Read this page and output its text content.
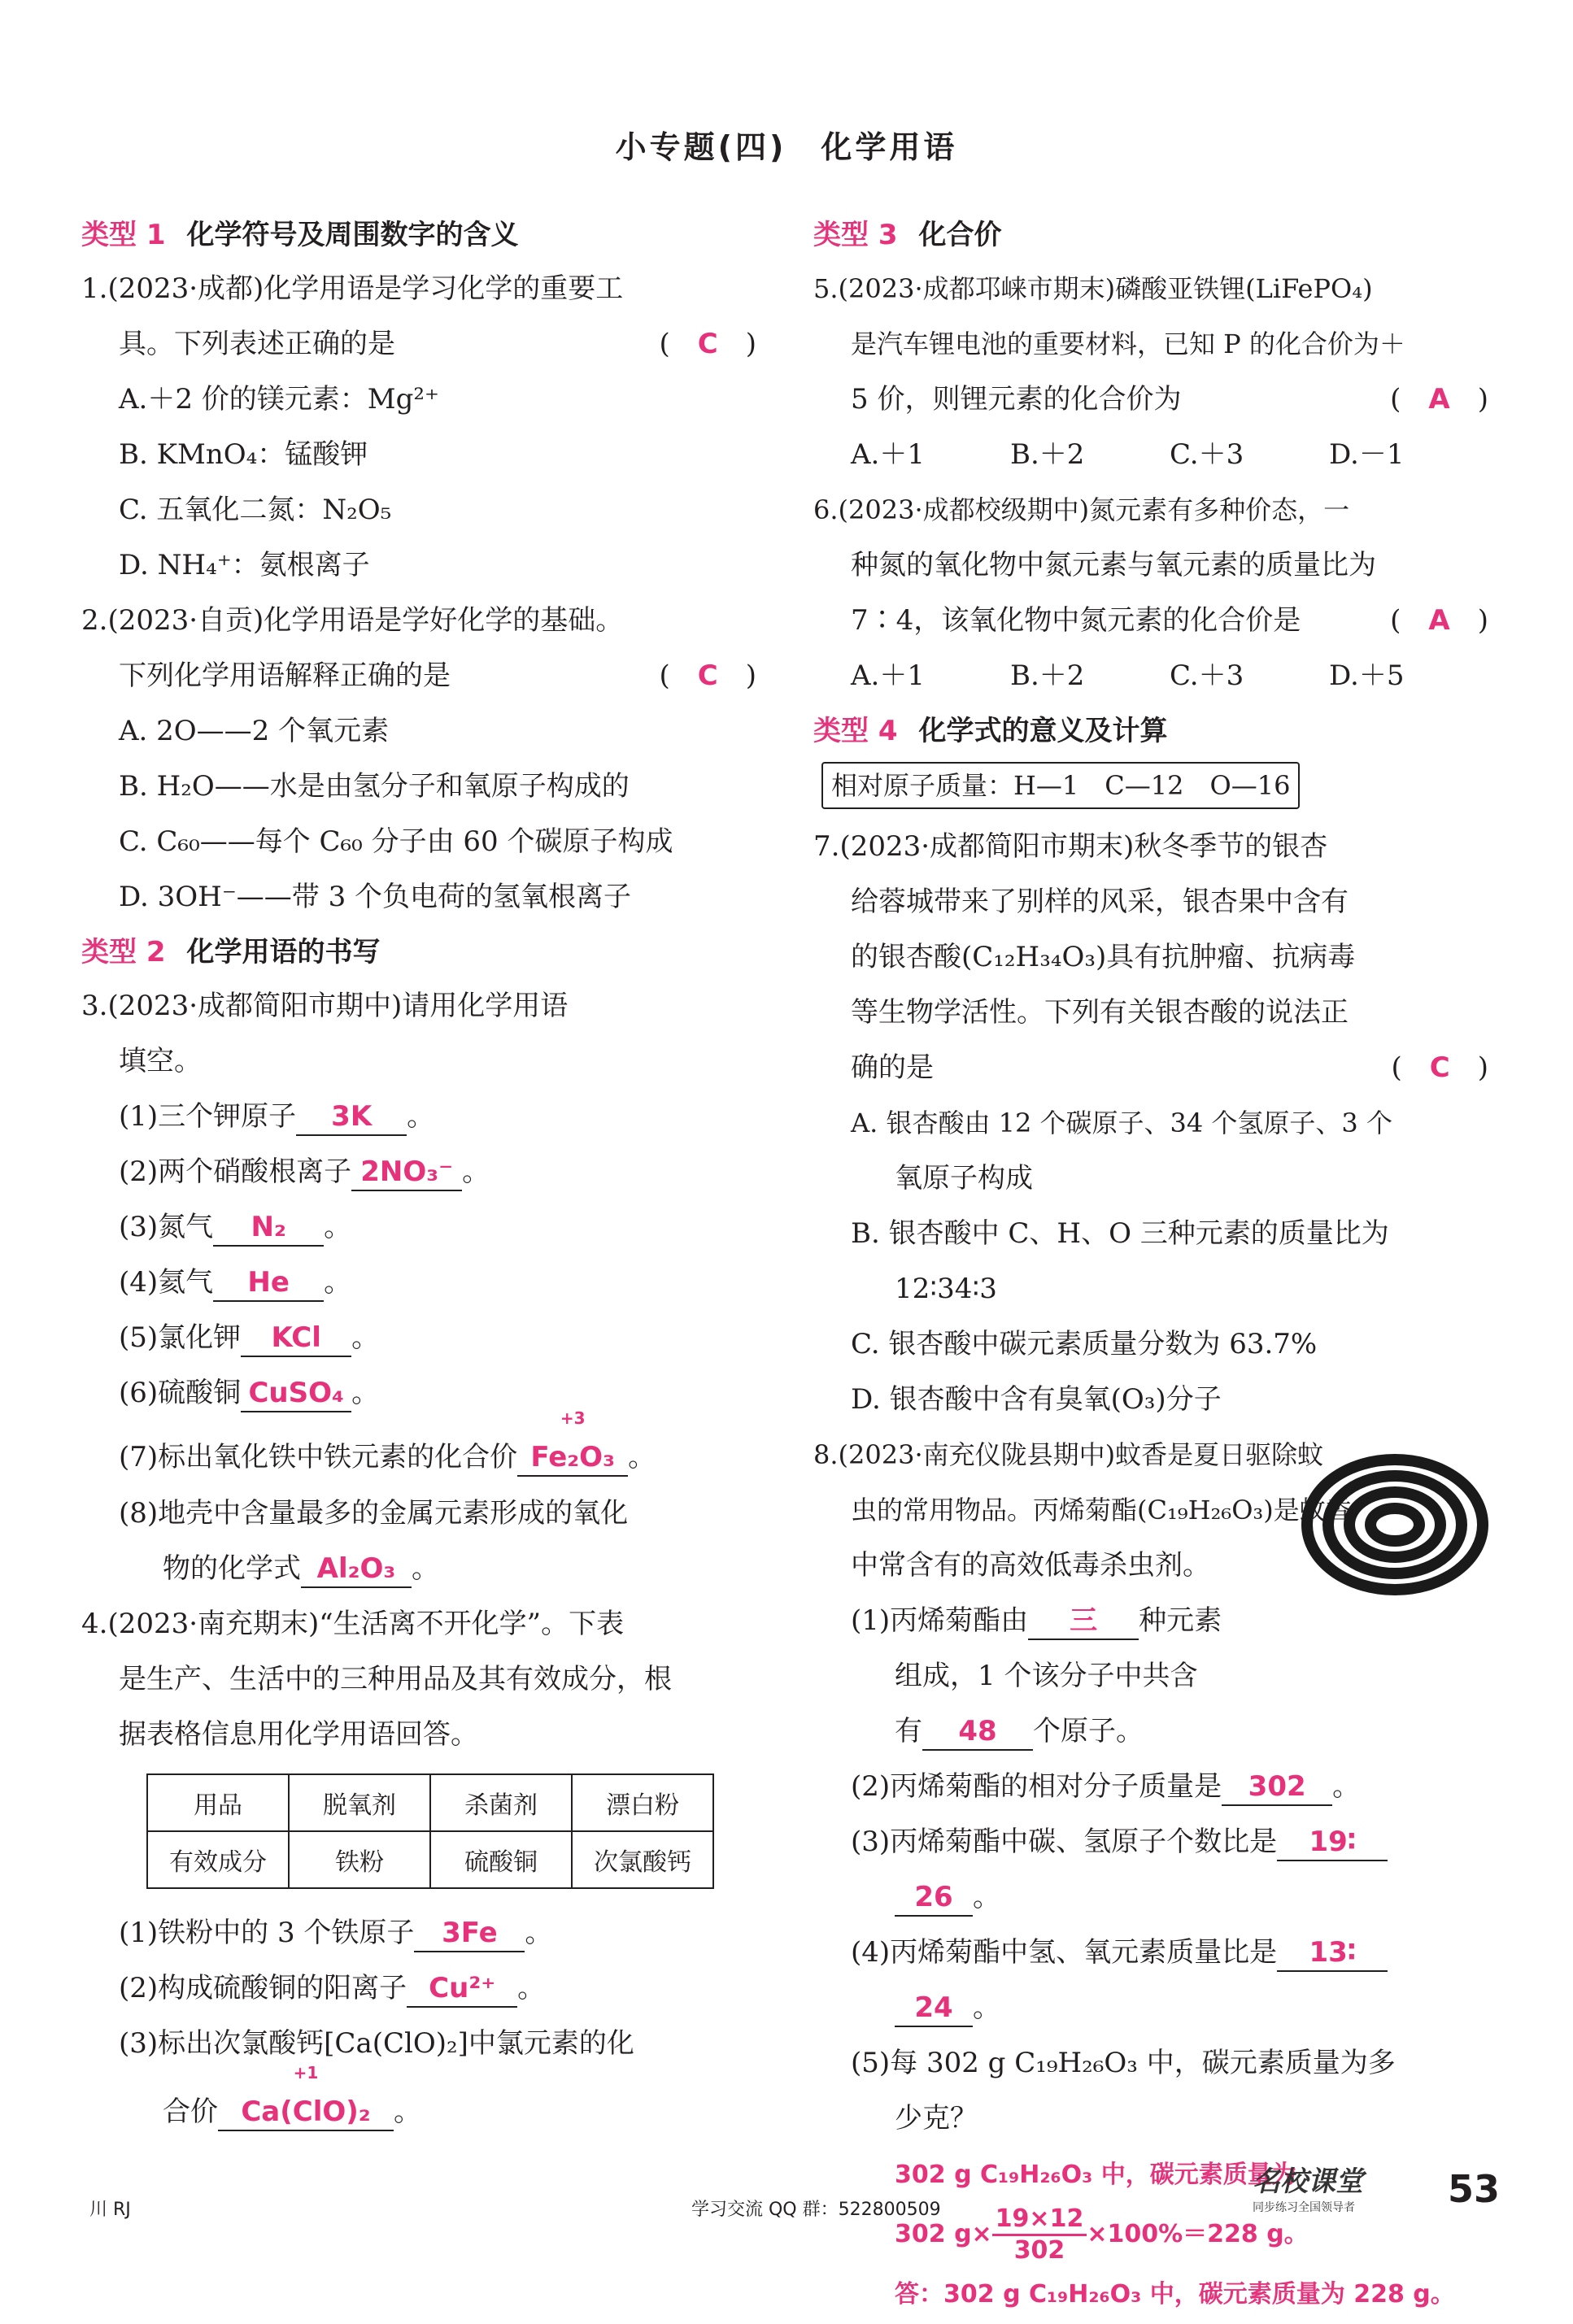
小专题(四)　化学用语
类型 1 化学符号及周围数字的含义
1.(2023·成都)化学用语是学习化学的重要工
具。下列表述正确的是	(　C　)
A.＋2 价的镁元素：Mg²⁺
B. KMnO₄：锰酸钾
C. 五氧化二氮：N₂O₅
D. NH₄⁺：氨根离子
2.(2023·自贡)化学用语是学好化学的基础。
下列化学用语解释正确的是	(　C　)
A. 2O——2 个氧元素
B. H₂O——水是由氢分子和氧原子构成的
C. C₆₀——每个 C₆₀ 分子由 60 个碳原子构成
D. 3OH⁻——带 3 个负电荷的氢氧根离子
类型 2 化学用语的书写
3.(2023·成都简阳市期中)请用化学用语
填空。
(1)三个钾原子 3K 。
(2)两个硝酸根离子 2NO₃⁻ 。
(3)氮气 N₂ 。
(4)氦气 He 。
(5)氯化钾 KCl 。
(6)硫酸铜 CuSO₄ 。
(7)标出氧化铁中铁元素的化合价
+3
Fe₂O₃ 。
(8)地壳中含量最多的金属元素形成的氧化
物的化学式 Al₂O₃ 。
4.(2023·南充期末)“生活离不开化学”。下表
是生产、生活中的三种用品及其有效成分，根
据表格信息用化学用语回答。
用品	脱氧剂	杀菌剂	漂白粉
有效成分	铁粉	硫酸铜	次氯酸钙
(1)铁粉中的 3 个铁原子 3Fe 。
(2)构成硫酸铜的阳离子 Cu²⁺ 。
(3)标出次氯酸钙[Ca(ClO)₂]中氯元素的化
合价
+1
Ca(ClO)₂ 。
类型 3 化合价
5.(2023·成都邛崃市期末)磷酸亚铁锂(LiFePO₄)
是汽车锂电池的重要材料，已知 P 的化合价为＋
5 价，则锂元素的化合价为	(　A　)
A.＋1	B.＋2	C.＋3	D.－1
6.(2023·成都校级期中)氮元素有多种价态，一
种氮的氧化物中氮元素与氧元素的质量比为
7∶4，该氧化物中氮元素的化合价是	(　A　)
A.＋1	B.＋2	C.＋3	D.＋5
类型 4 化学式的意义及计算
相对原子质量：H—1　C—12　O—16
7.(2023·成都简阳市期末)秋冬季节的银杏
给蓉城带来了别样的风采，银杏果中含有
的银杏酸(C₁₂H₃₄O₃)具有抗肿瘤、抗病毒
等生物学活性。下列有关银杏酸的说法正
确的是	(　C　)
A. 银杏酸由 12 个碳原子、34 个氢原子、3 个
氧原子构成
B. 银杏酸中 C、H、O 三种元素的质量比为
12∶34∶3
C. 银杏酸中碳元素质量分数为 63.7%
D. 银杏酸中含有臭氧(O₃)分子
8.(2023·南充仪陇县期中)蚊香是夏日驱除蚊
虫的常用物品。丙烯菊酯(C₁₉H₂₆O₃)是蚊香
中常含有的高效低毒杀虫剂。
(1)丙烯菊酯由 三 种元素
组成，1 个该分子中共含
有 48 个原子。
(2)丙烯菊酯的相对分子质量是 302 。
(3)丙烯菊酯中碳、氢原子个数比是 19∶
26 。
(4)丙烯菊酯中氢、氧元素质量比是 13∶
24 。
(5)每 302 g C₁₉H₂₆O₃ 中，碳元素质量为多
少克？
302 g C₁₉H₂₆O₃ 中，碳元素质量为
302 $g\times \frac{19\times 12}{302} \times 100\%=228$ g。
答：302 g C₁₉H₂₆O₃ 中，碳元素质量为 228 g。
川 RJ	学习交流 QQ 群：522800509
名校课堂
同步练习全国领导者	53
